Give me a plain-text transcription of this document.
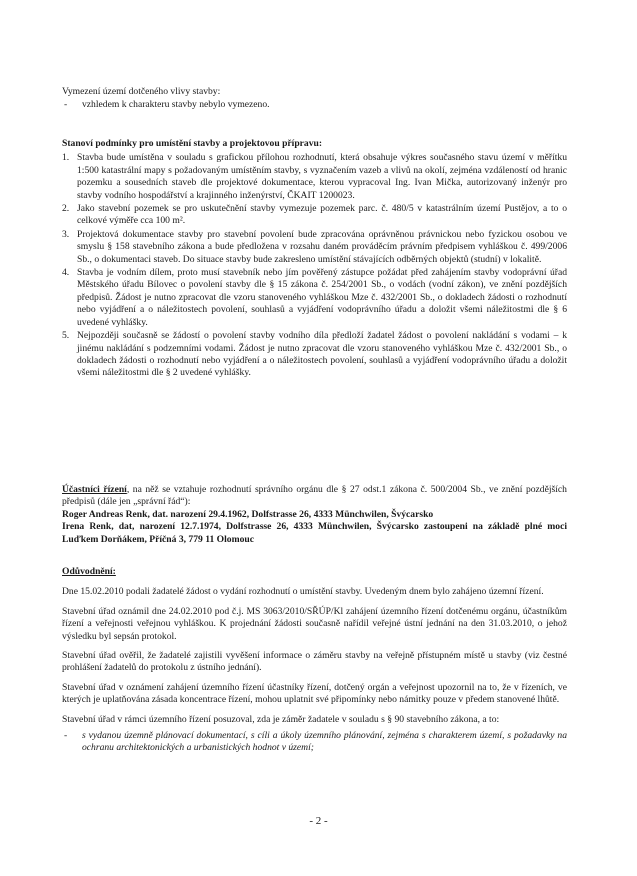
Vymezení území dotčeného vlivy stavby:

-	vzhledem k charakteru stavby nebylo vymezeno.

Stanoví podmínky pro umístění stavby a projektovou přípravu:

1. Stavba bude umístěna v souladu s grafickou přílohou rozhodnutí, která obsahuje výkres současného stavu území v měřítku 1:500 katastrální mapy s požadovaným umístěním stavby, s vyznačením vazeb a vlivů na okolí, zejména vzdáleností od hranic pozemku a sousedních staveb dle projektové dokumentace, kterou vypracoval Ing. Ivan Mička, autorizovaný inženýr pro stavby vodního hospodářství a krajinného inženýrství, ČKAIT 1200023.
2. Jako stavební pozemek se pro uskutečnění stavby vymezuje pozemek parc. č. 480/5 v katastrálním území Pustějov, a to o celkové výměře cca 100 m².
3. Projektová dokumentace stavby pro stavební povolení bude zpracována oprávněnou právnickou nebo fyzickou osobou ve smyslu § 158 stavebního zákona a bude předložena v rozsahu daném prováděcím právním předpisem vyhláškou č. 499/2006 Sb., o dokumentaci staveb. Do situace stavby bude zakresleno umístění stávajících odběrných objektů (studní) v lokalitě.
4. Stavba je vodním dílem, proto musí stavebník nebo jím pověřený zástupce požádat před zahájením stavby vodoprávní úřad Městského úřadu Bílovec o povolení stavby dle § 15 zákona č. 254/2001 Sb., o vodách (vodní zákon), ve znění pozdějších předpisů. Žádost je nutno zpracovat dle vzoru stanoveného vyhláškou Mze č. 432/2001 Sb., o dokladech žádosti o rozhodnutí nebo vyjádření a o náležitostech povolení, souhlasů a vyjádření vodoprávního úřadu a doložit všemi náležitostmi dle § 6 uvedené vyhlášky.
5. Nejpozději současně se žádostí o povolení stavby vodního díla předloží žadatel žádost o povolení nakládání s vodami – k jinému nakládání s podzemními vodami. Žádost je nutno zpracovat dle vzoru stanoveného vyhláškou Mze č. 432/2001 Sb., o dokladech žádosti o rozhodnutí nebo vyjádření a o náležitostech povolení, souhlasů a vyjádření vodoprávního úřadu a doložit všemi náležitostmi dle § 2 uvedené vyhlášky.

Účastníci řízení, na něž se vztahuje rozhodnutí správního orgánu dle § 27 odst.1 zákona č. 500/2004 Sb., ve znění pozdějších předpisů (dále jen „správní řád“):

Roger Andreas Renk, dat. narození 29.4.1962, Dolfstrasse 26, 4333 Münchwilen, Švýcarsko

Irena Renk, dat, narození 12.7.1974, Dolfstrasse 26, 4333 Münchwilen, Švýcarsko zastoupeni na základě plné moci Luďkem Dorňákem, Příčná 3, 779 11 Olomouc

Odůvodnění:

Dne 15.02.2010 podali žadatelé žádost o vydání rozhodnutí o umístění stavby. Uvedeným dnem bylo zahájeno územní řízení.

Stavební úřad oznámil dne 24.02.2010 pod č.j. MS 3063/2010/SŘÚP/Kl zahájení územního řízení dotčenému orgánu, účastníkům řízení a veřejnosti veřejnou vyhláškou. K projednání žádosti současně nařídil veřejné ústní jednání na den 31.03.2010, o jehož výsledku byl sepsán protokol.

Stavební úřad ověřil, že žadatelé zajistili vyvěšení informace o záměru stavby na veřejně přístupném místě u stavby (viz čestné prohlášení žadatelů do protokolu z ústního jednání).

Stavební úřad v oznámení zahájení územního řízení účastníky řízení, dotčený orgán a veřejnost upozornil na to, že v řízeních, ve kterých je uplatňována zásada koncentrace řízení, mohou uplatnit své připomínky nebo námitky pouze v předem stanovené lhůtě.

Stavební úřad v rámci územního řízení posuzoval, zda je záměr žadatele v souladu s § 90 stavebního zákona, a to:

-	s vydanou územně plánovací dokumentací, s cíli a úkoly územního plánování, zejména s charakterem území, s požadavky na ochranu architektonických a urbanistických hodnot v území;
- 2 -
